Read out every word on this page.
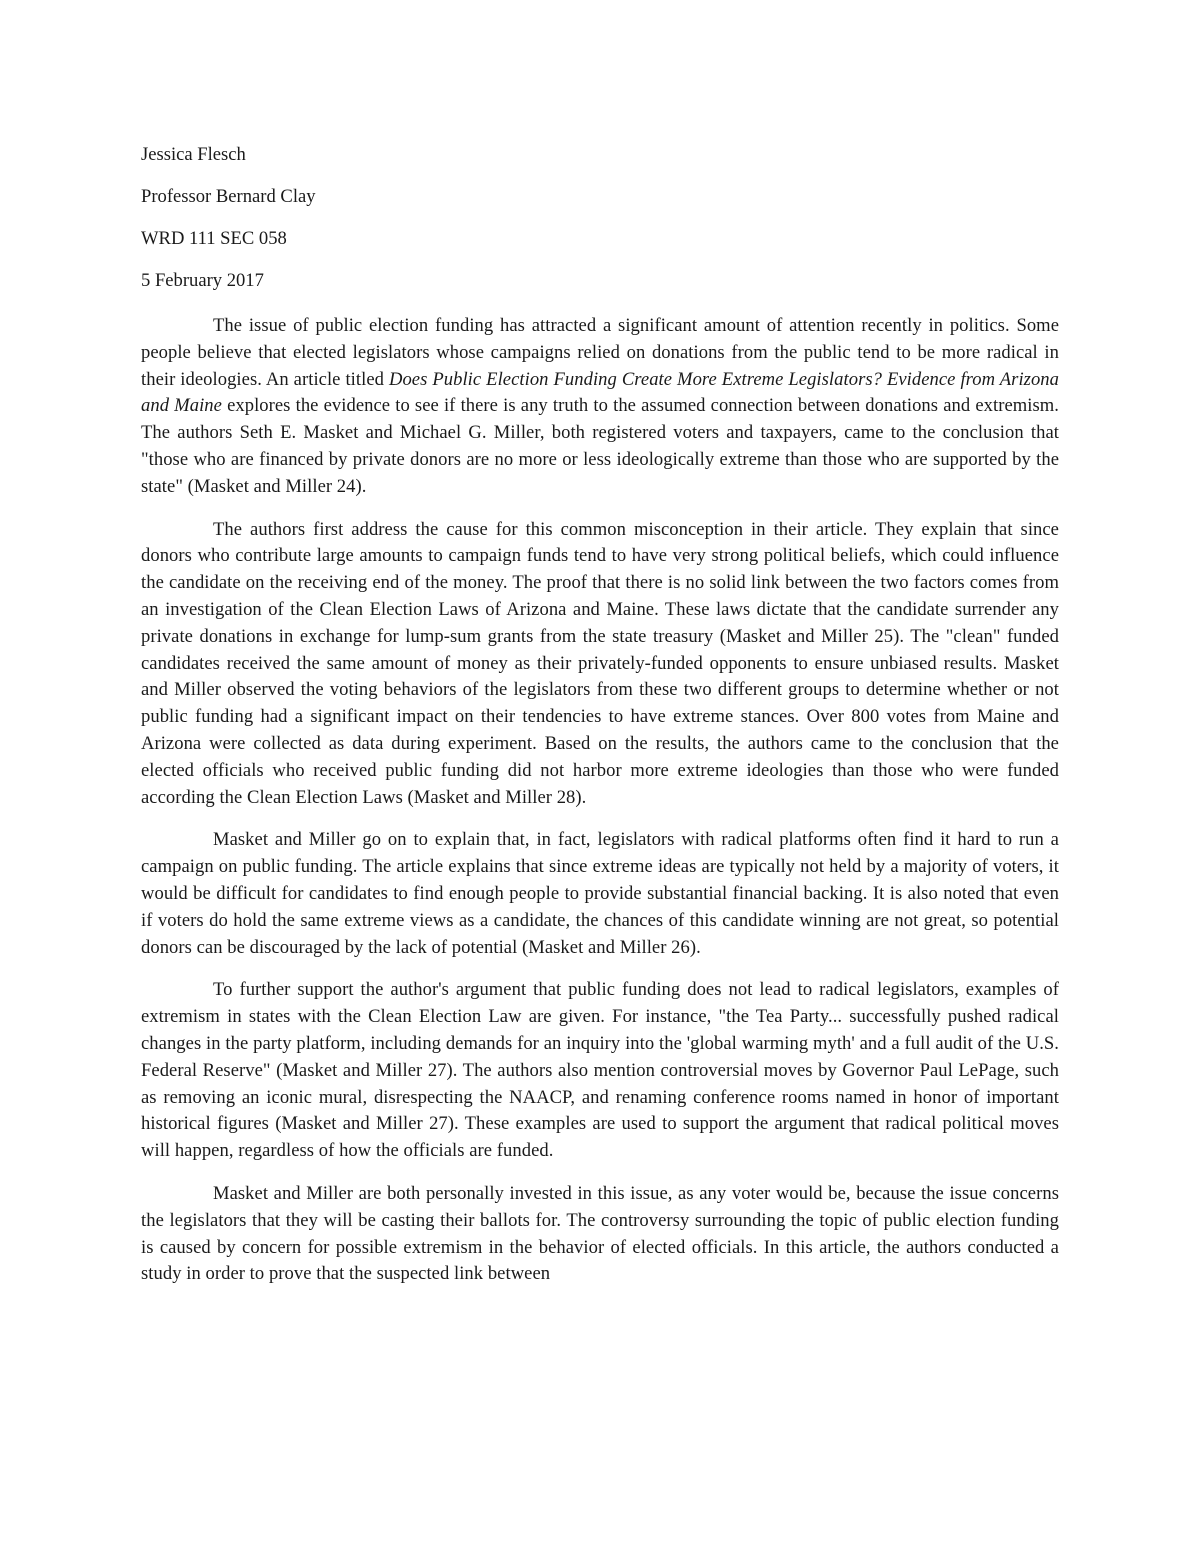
Jessica Flesch

Professor Bernard Clay

WRD 111 SEC 058

5 February 2017

The issue of public election funding has attracted a significant amount of attention recently in politics. Some people believe that elected legislators whose campaigns relied on donations from the public tend to be more radical in their ideologies. An article titled Does Public Election Funding Create More Extreme Legislators? Evidence from Arizona and Maine explores the evidence to see if there is any truth to the assumed connection between donations and extremism. The authors Seth E. Masket and Michael G. Miller, both registered voters and taxpayers, came to the conclusion that "those who are financed by private donors are no more or less ideologically extreme than those who are supported by the state" (Masket and Miller 24).

The authors first address the cause for this common misconception in their article. They explain that since donors who contribute large amounts to campaign funds tend to have very strong political beliefs, which could influence the candidate on the receiving end of the money. The proof that there is no solid link between the two factors comes from an investigation of the Clean Election Laws of Arizona and Maine. These laws dictate that the candidate surrender any private donations in exchange for lump-sum grants from the state treasury (Masket and Miller 25). The "clean" funded candidates received the same amount of money as their privately-funded opponents to ensure unbiased results. Masket and Miller observed the voting behaviors of the legislators from these two different groups to determine whether or not public funding had a significant impact on their tendencies to have extreme stances. Over 800 votes from Maine and Arizona were collected as data during experiment. Based on the results, the authors came to the conclusion that the elected officials who received public funding did not harbor more extreme ideologies than those who were funded according the Clean Election Laws (Masket and Miller 28).

Masket and Miller go on to explain that, in fact, legislators with radical platforms often find it hard to run a campaign on public funding. The article explains that since extreme ideas are typically not held by a majority of voters, it would be difficult for candidates to find enough people to provide substantial financial backing. It is also noted that even if voters do hold the same extreme views as a candidate, the chances of this candidate winning are not great, so potential donors can be discouraged by the lack of potential (Masket and Miller 26).

To further support the author's argument that public funding does not lead to radical legislators, examples of extremism in states with the Clean Election Law are given. For instance, "the Tea Party... successfully pushed radical changes in the party platform, including demands for an inquiry into the 'global warming myth' and a full audit of the U.S. Federal Reserve" (Masket and Miller 27). The authors also mention controversial moves by Governor Paul LePage, such as removing an iconic mural, disrespecting the NAACP, and renaming conference rooms named in honor of important historical figures (Masket and Miller 27). These examples are used to support the argument that radical political moves will happen, regardless of how the officials are funded.

Masket and Miller are both personally invested in this issue, as any voter would be, because the issue concerns the legislators that they will be casting their ballots for. The controversy surrounding the topic of public election funding is caused by concern for possible extremism in the behavior of elected officials. In this article, the authors conducted a study in order to prove that the suspected link between
